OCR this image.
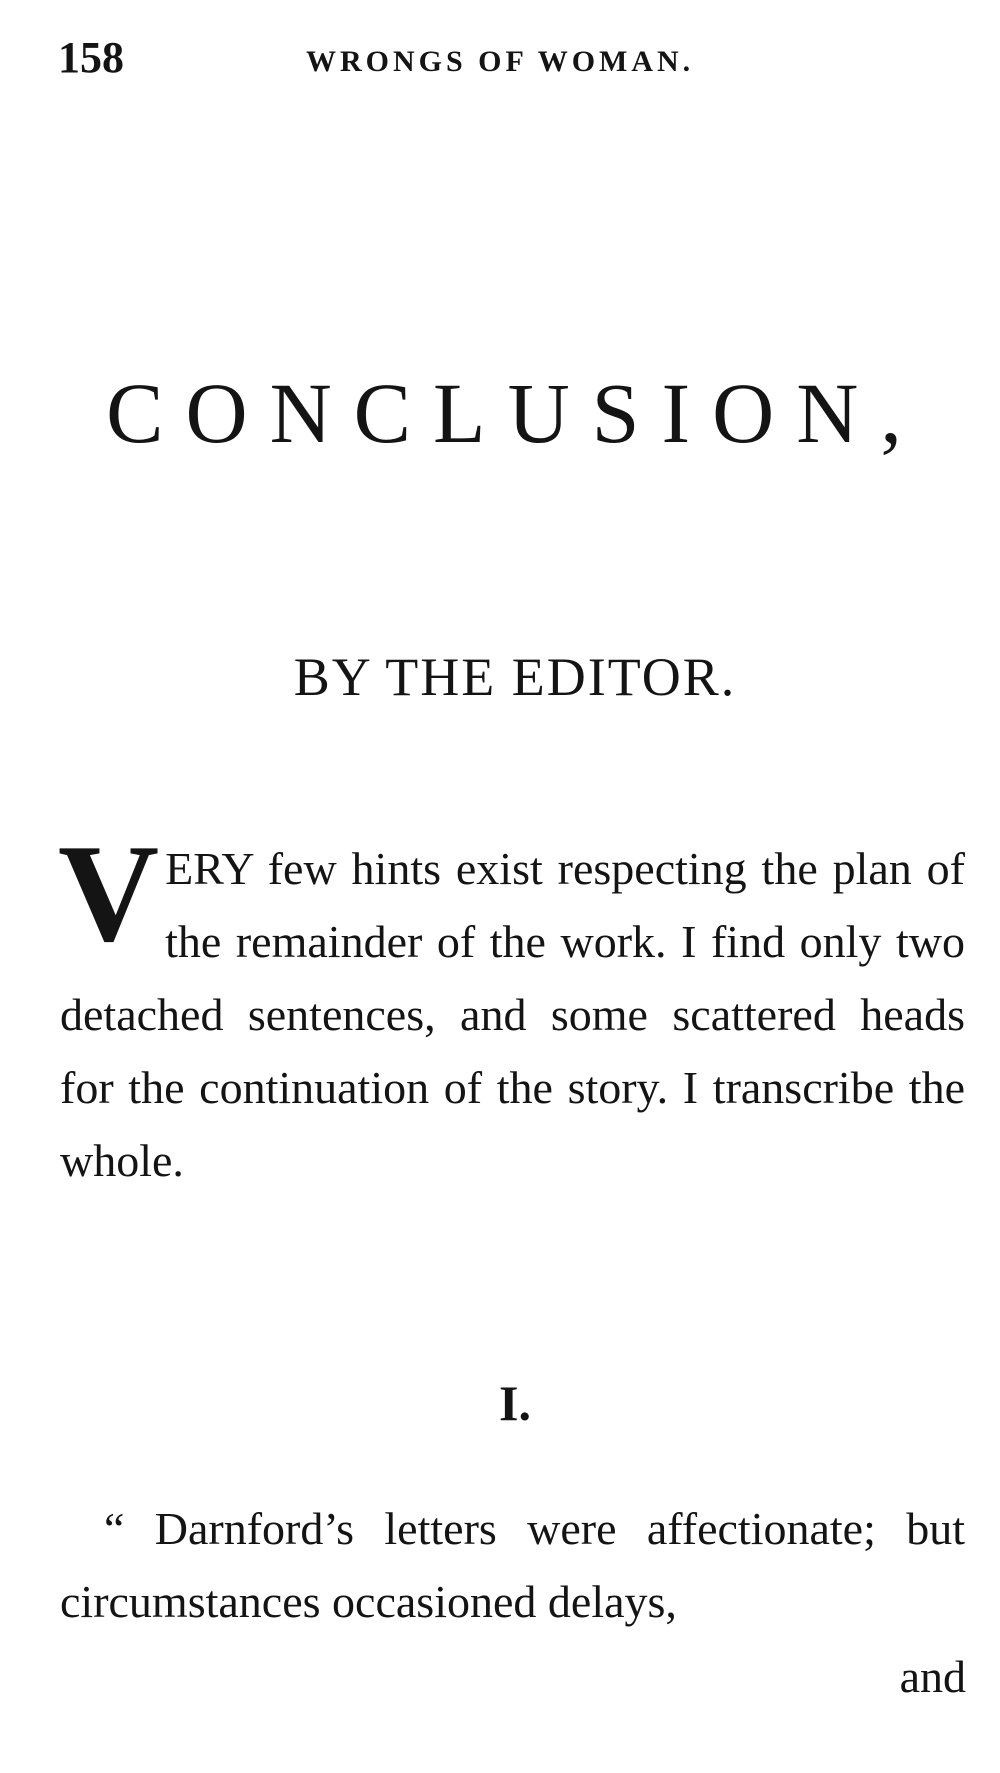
158	WRONGS OF WOMAN.
CONCLUSION,
BY THE EDITOR.

VERY few hints exist respecting the plan of the remainder of the work. I find only two detached sentences, and some scattered heads for the continuation of the story. I transcribe the whole.

I.

“ Darnford’s letters were affectionate; but circumstances occasioned delays,

and
